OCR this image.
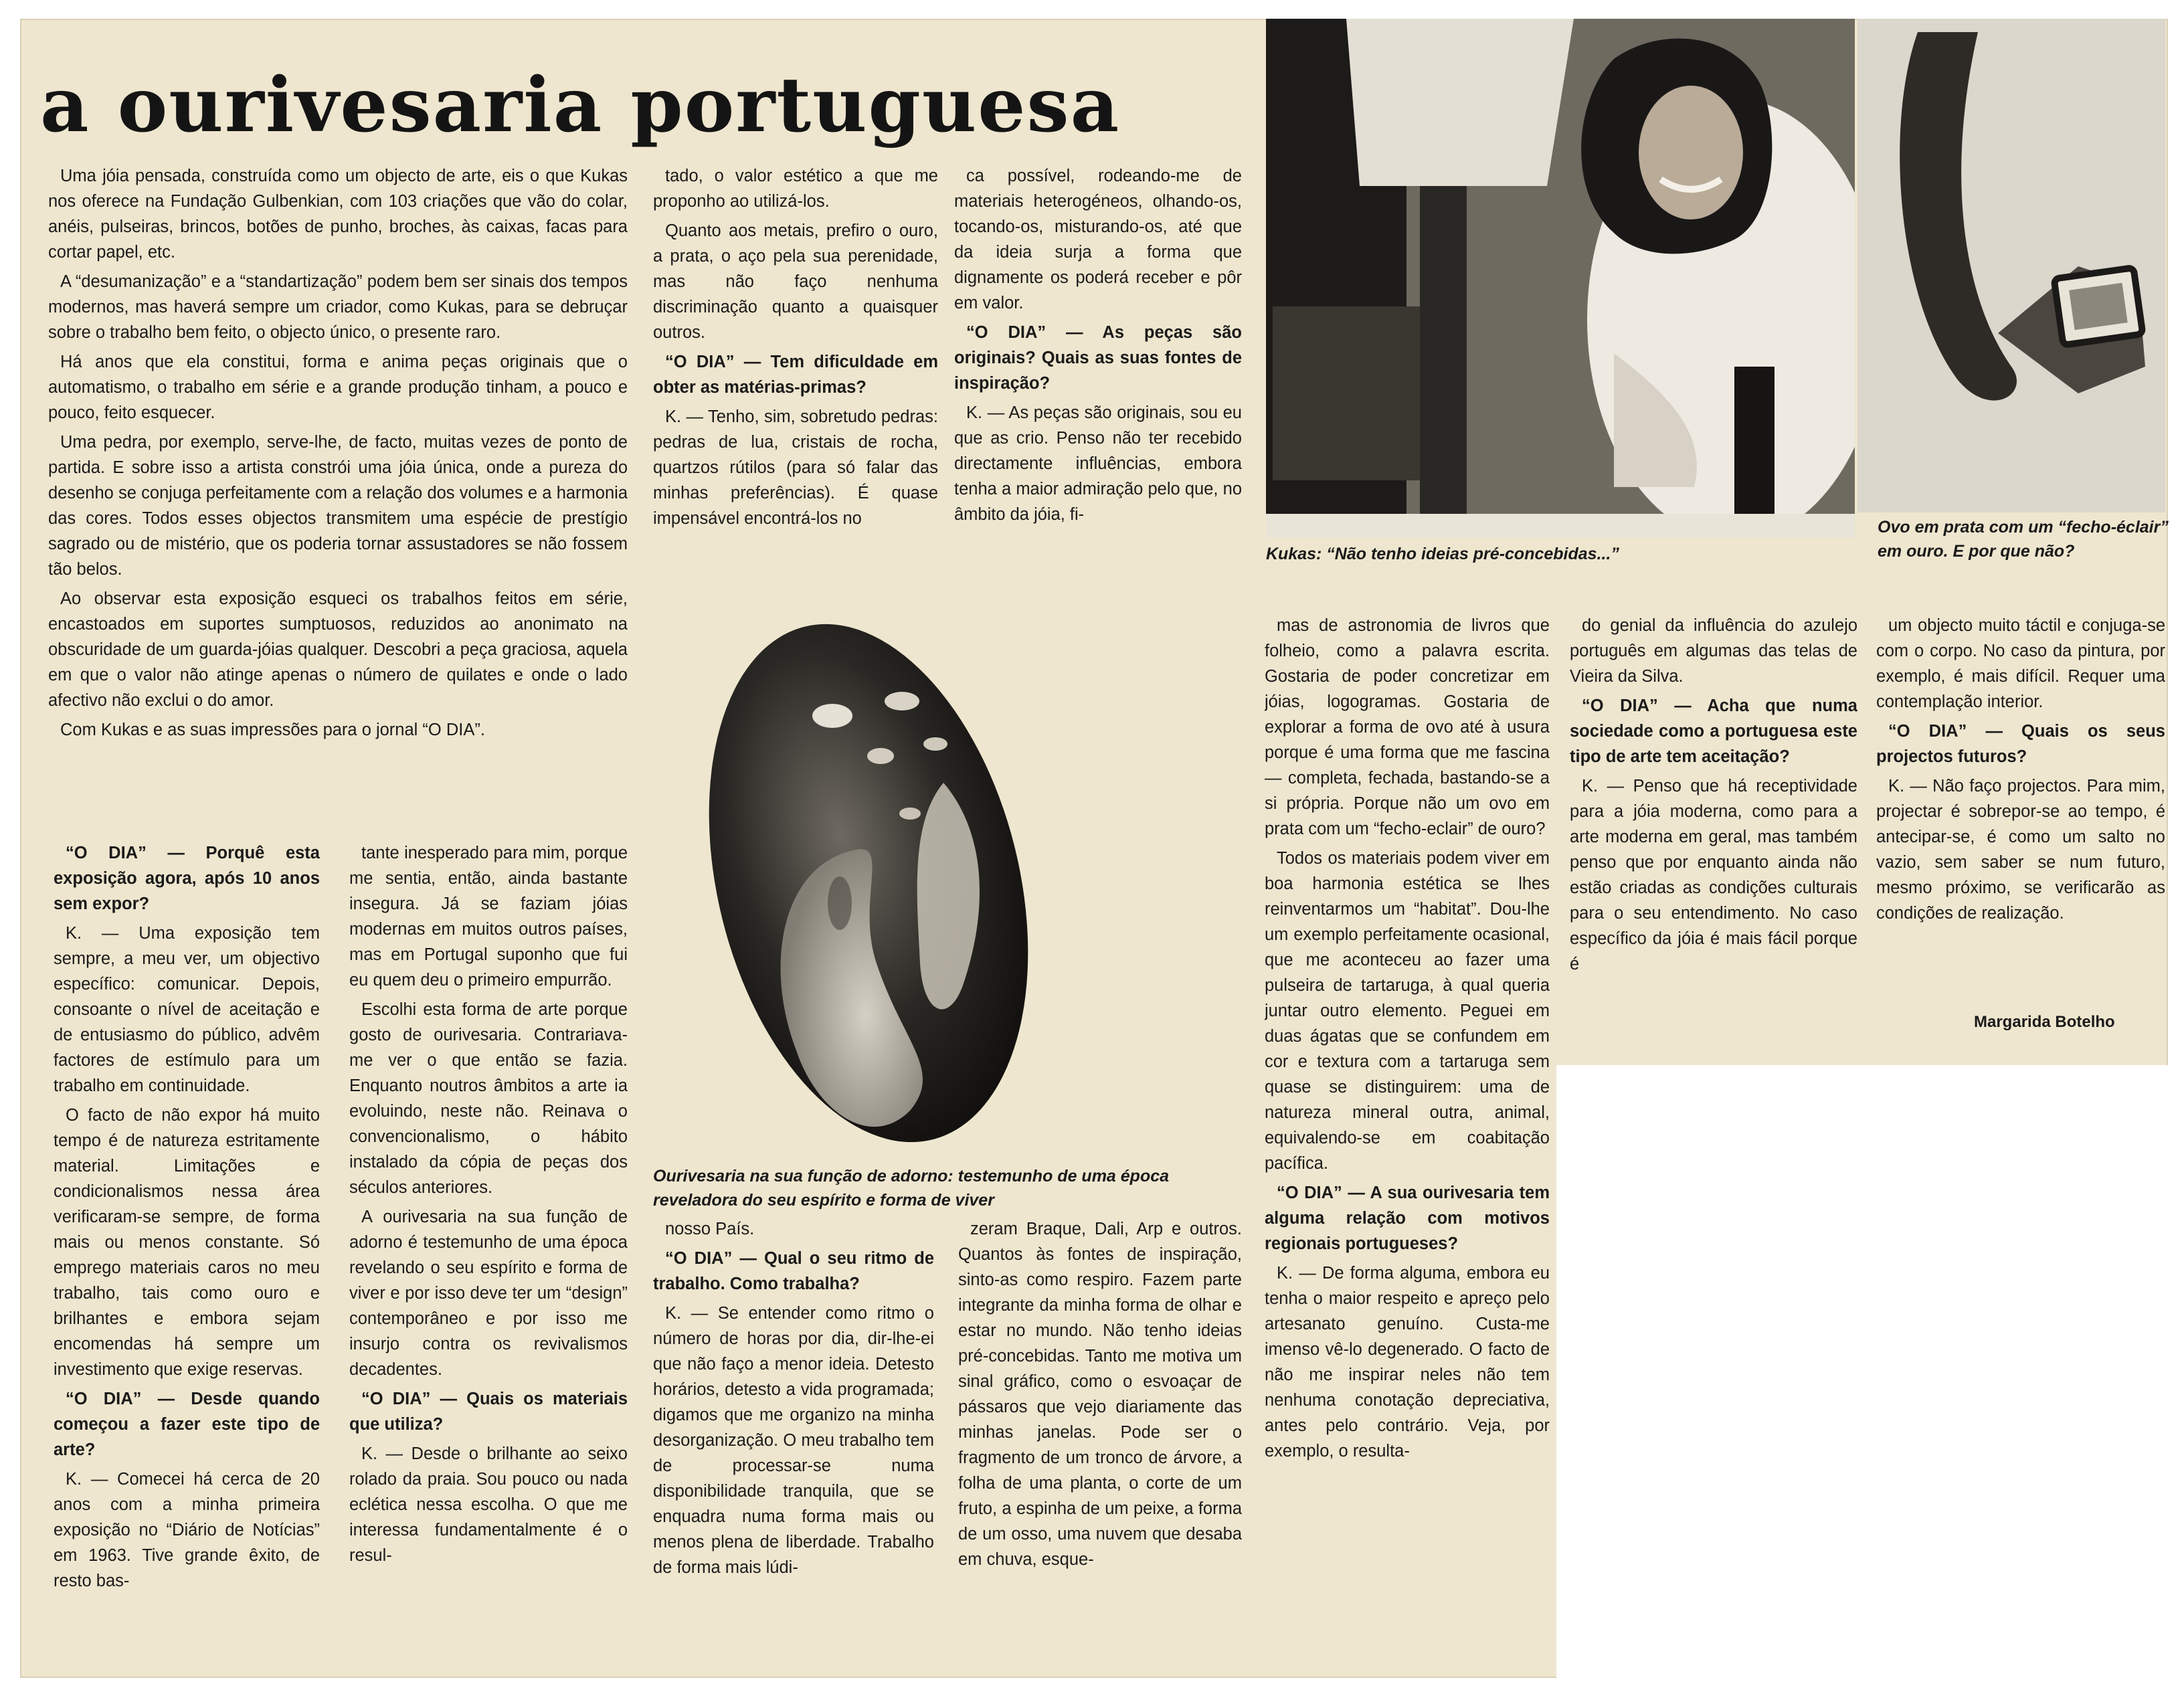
a ourivesaria portuguesa

Uma jóia pensada, construída como um objecto de arte, eis o que Kukas nos oferece na Fundação Gulbenkian, com 103 criações que vão do colar, anéis, pulseiras, brincos, botões de punho, broches, às caixas, facas para cortar papel, etc.

A “desumanização” e a “standartização” podem bem ser sinais dos tempos modernos, mas haverá sempre um criador, como Kukas, para se debruçar sobre o trabalho bem feito, o objecto único, o presente raro.

Há anos que ela constitui, forma e anima peças originais que o automatismo, o trabalho em série e a grande produção tinham, a pouco e pouco, feito esquecer.

Uma pedra, por exemplo, serve-lhe, de facto, muitas vezes de ponto de partida. E sobre isso a artista constrói uma jóia única, onde a pureza do desenho se conjuga perfeitamente com a relação dos volumes e a harmonia das cores. Todos esses objectos transmitem uma espécie de prestígio sagrado ou de mistério, que os poderia tornar assustadores se não fossem tão belos.

Ao observar esta exposição esqueci os trabalhos feitos em série, encastoados em suportes sumptuosos, reduzidos ao anonimato na obscuridade de um guarda-jóias qualquer. Descobri a peça graciosa, aquela em que o valor não atinge apenas o número de quilates e onde o lado afectivo não exclui o do amor.

Com Kukas e as suas impressões para o jornal “O DIA”.

“O DIA” — Porquê esta exposição agora, após 10 anos sem expor?

K. — Uma exposição tem sempre, a meu ver, um objectivo específico: comunicar. Depois, consoante o nível de aceitação e de entusiasmo do público, advêm factores de estímulo para um trabalho em continuidade.

O facto de não expor há muito tempo é de natureza estritamente material. Limitações e condicionalismos nessa área verificaram-se sempre, de forma mais ou menos constante. Só emprego materiais caros no meu trabalho, tais como ouro e brilhantes e embora sejam encomendas há sempre um investimento que exige reservas.

“O DIA” — Desde quando começou a fazer este tipo de arte?

K. — Comecei há cerca de 20 anos com a minha primeira exposição no “Diário de Notícias” em 1963. Tive grande êxito, de resto bas-

tante inesperado para mim, porque me sentia, então, ainda bastante insegura. Já se faziam jóias modernas em muitos outros países, mas em Portugal suponho que fui eu quem deu o primeiro empurrão.

Escolhi esta forma de arte porque gosto de ourivesaria. Contrariava-me ver o que então se fazia. Enquanto noutros âmbitos a arte ia evoluindo, neste não. Reinava o convencionalismo, o hábito instalado da cópia de peças dos séculos anteriores.

A ourivesaria na sua função de adorno é testemunho de uma época revelando o seu espírito e forma de viver e por isso deve ter um “design” contemporâneo e por isso me insurjo contra os revivalismos decadentes.

“O DIA” — Quais os materiais que utiliza?

K. — Desde o brilhante ao seixo rolado da praia. Sou pouco ou nada eclética nessa escolha. O que me interessa fundamentalmente é o resul-

tado, o valor estético a que me proponho ao utilizá-los.

Quanto aos metais, prefiro o ouro, a prata, o aço pela sua perenidade, mas não faço nenhuma discriminação quanto a quaisquer outros.

“O DIA” — Tem dificuldade em obter as matérias-primas?

K. — Tenho, sim, sobretudo pedras: pedras de lua, cristais de rocha, quartzos rútilos (para só falar das minhas preferências). É quase impensável encontrá-los no

ca possível, rodeando-me de materiais heterogéneos, olhando-os, tocando-os, misturando-os, até que da ideia surja a forma que dignamente os poderá receber e pôr em valor.

“O DIA” — As peças são originais? Quais as suas fontes de inspiração?

K. — As peças são originais, sou eu que as crio. Penso não ter recebido directamente influências, embora tenha a maior admiração pelo que, no âmbito da jóia, fi-

nosso País.

“O DIA” — Qual o seu ritmo de trabalho. Como trabalha?

K. — Se entender como ritmo o número de horas por dia, dir-lhe-ei que não faço a menor ideia. Detesto horários, detesto a vida programada; digamos que me organizo na minha desorganização. O meu trabalho tem de processar-se numa disponibilidade tranquila, que se enquadra numa forma mais ou menos plena de liberdade. Trabalho de forma mais lúdi-

zeram Braque, Dali, Arp e outros. Quantos às fontes de inspiração, sinto-as como respiro. Fazem parte integrante da minha forma de olhar e estar no mundo. Não tenho ideias pré-concebidas. Tanto me motiva um sinal gráfico, como o esvoaçar de pássaros que vejo diariamente das minhas janelas. Pode ser o fragmento de um tronco de árvore, a folha de uma planta, o corte de um fruto, a espinha de um peixe, a forma de um osso, uma nuvem que desaba em chuva, esque-

mas de astronomia de livros que folheio, como a palavra escrita. Gostaria de poder concretizar em jóias, logogramas. Gostaria de explorar a forma de ovo até à usura porque é uma forma que me fascina — completa, fechada, bastando-se a si própria. Porque não um ovo em prata com um “fecho-eclair” de ouro?

Todos os materiais podem viver em boa harmonia estética se lhes reinventarmos um “habitat”. Dou-lhe um exemplo perfeitamente ocasional, que me aconteceu ao fazer uma pulseira de tartaruga, à qual queria juntar outro elemento. Peguei em duas ágatas que se confundem em cor e textura com a tartaruga sem quase se distinguirem: uma de natureza mineral outra, animal, equivalendo-se em coabitação pacífica.

“O DIA” — A sua ourivesaria tem alguma relação com motivos regionais portugueses?

K. — De forma alguma, embora eu tenha o maior respeito e apreço pelo artesanato genuíno. Custa-me imenso vê-lo degenerado. O facto de não me inspirar neles não tem nenhuma conotação depreciativa, antes pelo contrário. Veja, por exemplo, o resulta-

do genial da influência do azulejo português em algumas das telas de Vieira da Silva.

“O DIA” — Acha que numa sociedade como a portuguesa este tipo de arte tem aceitação?

K. — Penso que há receptividade para a jóia moderna, como para a arte moderna em geral, mas também penso que por enquanto ainda não estão criadas as condições culturais para o seu entendimento. No caso específico da jóia é mais fácil porque é

um objecto muito táctil e conjuga-se com o corpo. No caso da pintura, por exemplo, é mais difícil. Requer uma contemplação interior.

“O DIA” — Quais os seus projectos futuros?

K. — Não faço projectos. Para mim, projectar é sobrepor-se ao tempo, é antecipar-se, é como um salto no vazio, sem saber se num futuro, mesmo próximo, se verificarão as condições de realização.

Margarida Botelho

Ourivesaria na sua função de adorno: testemunho de uma época reveladora do seu espírito e forma de viver

Kukas: “Não tenho ideias pré-concebidas...”

Ovo em prata com um “fecho-éclair” em ouro. E por que não?
